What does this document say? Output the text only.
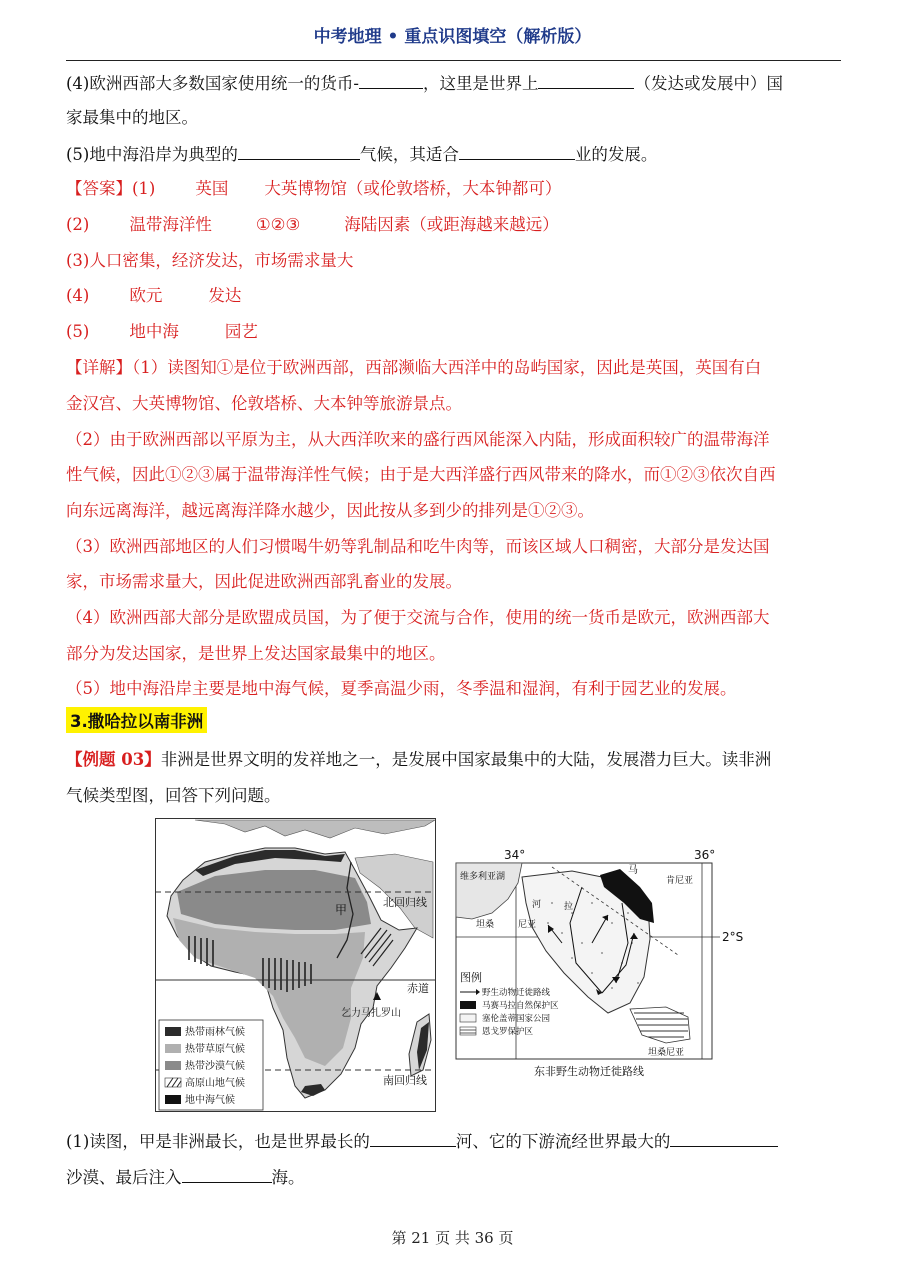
中考地理 • 重点识图填空（解析版）
(4)欧洲西部大多数国家使用统一的货币-	，这里是世界上	（发达或发展中）国
家最集中的地区。
(5)地中海沿岸为典型的	气候，其适合	业的发展。
【答案】(1) 英国 大英博物馆（或伦敦塔桥，大本钟都可）
(2) 温带海洋性	①②③	海陆因素（或距海越来越远）
(3)人口密集，经济发达，市场需求量大
(4) 欧元	发达
(5) 地中海	园艺
【详解】（1）读图知①是位于欧洲西部，西部濒临大西洋中的岛屿国家，因此是英国，英国有白
金汉宫、大英博物馆、伦敦塔桥、大本钟等旅游景点。
（2）由于欧洲西部以平原为主，从大西洋吹来的盛行西风能深入内陆，形成面积较广的温带海洋
性气候，因此①②③属于温带海洋性气候；由于是大西洋盛行西风带来的降水，而①②③依次自西
向东远离海洋，越远离海洋降水越少，因此按从多到少的排列是①②③。
（3）欧洲西部地区的人们习惯喝牛奶等乳制品和吃牛肉等，而该区域人口稠密，大部分是发达国
家，市场需求量大，因此促进欧洲西部乳畜业的发展。
（4）欧洲西部大部分是欧盟成员国，为了便于交流与合作，使用的统一货币是欧元，欧洲西部大
部分为发达国家，是世界上发达国家最集中的地区。
（5）地中海沿岸主要是地中海气候，夏季高温少雨，冬季温和湿润，有利于园艺业的发展。
3.撒哈拉以南非洲
【例题 03】非洲是世界文明的发祥地之一，是发展中国家最集中的大陆，发展潜力巨大。读非洲
气候类型图，回答下列问题。
甲
北回归线
赤道
南回归线
乞力马扎罗山
热带雨林气候
热带草原气候
热带沙漠气候
高原山地气候
地中海气候
34°	36°
2°S
维多利亚湖
马
肯尼亚
河	拉
坦桑	尼亚
坦桑尼亚
图例
野生动物迁徙路线
马赛马拉自然保护区
塞伦盖蒂国家公园
恩戈罗保护区
东非野生动物迁徙路线
(1)读图，甲是非洲最长，也是世界最长的	河、它的下游流经世界最大的
沙漠、最后注入	海。
第 21 页 共 36 页
